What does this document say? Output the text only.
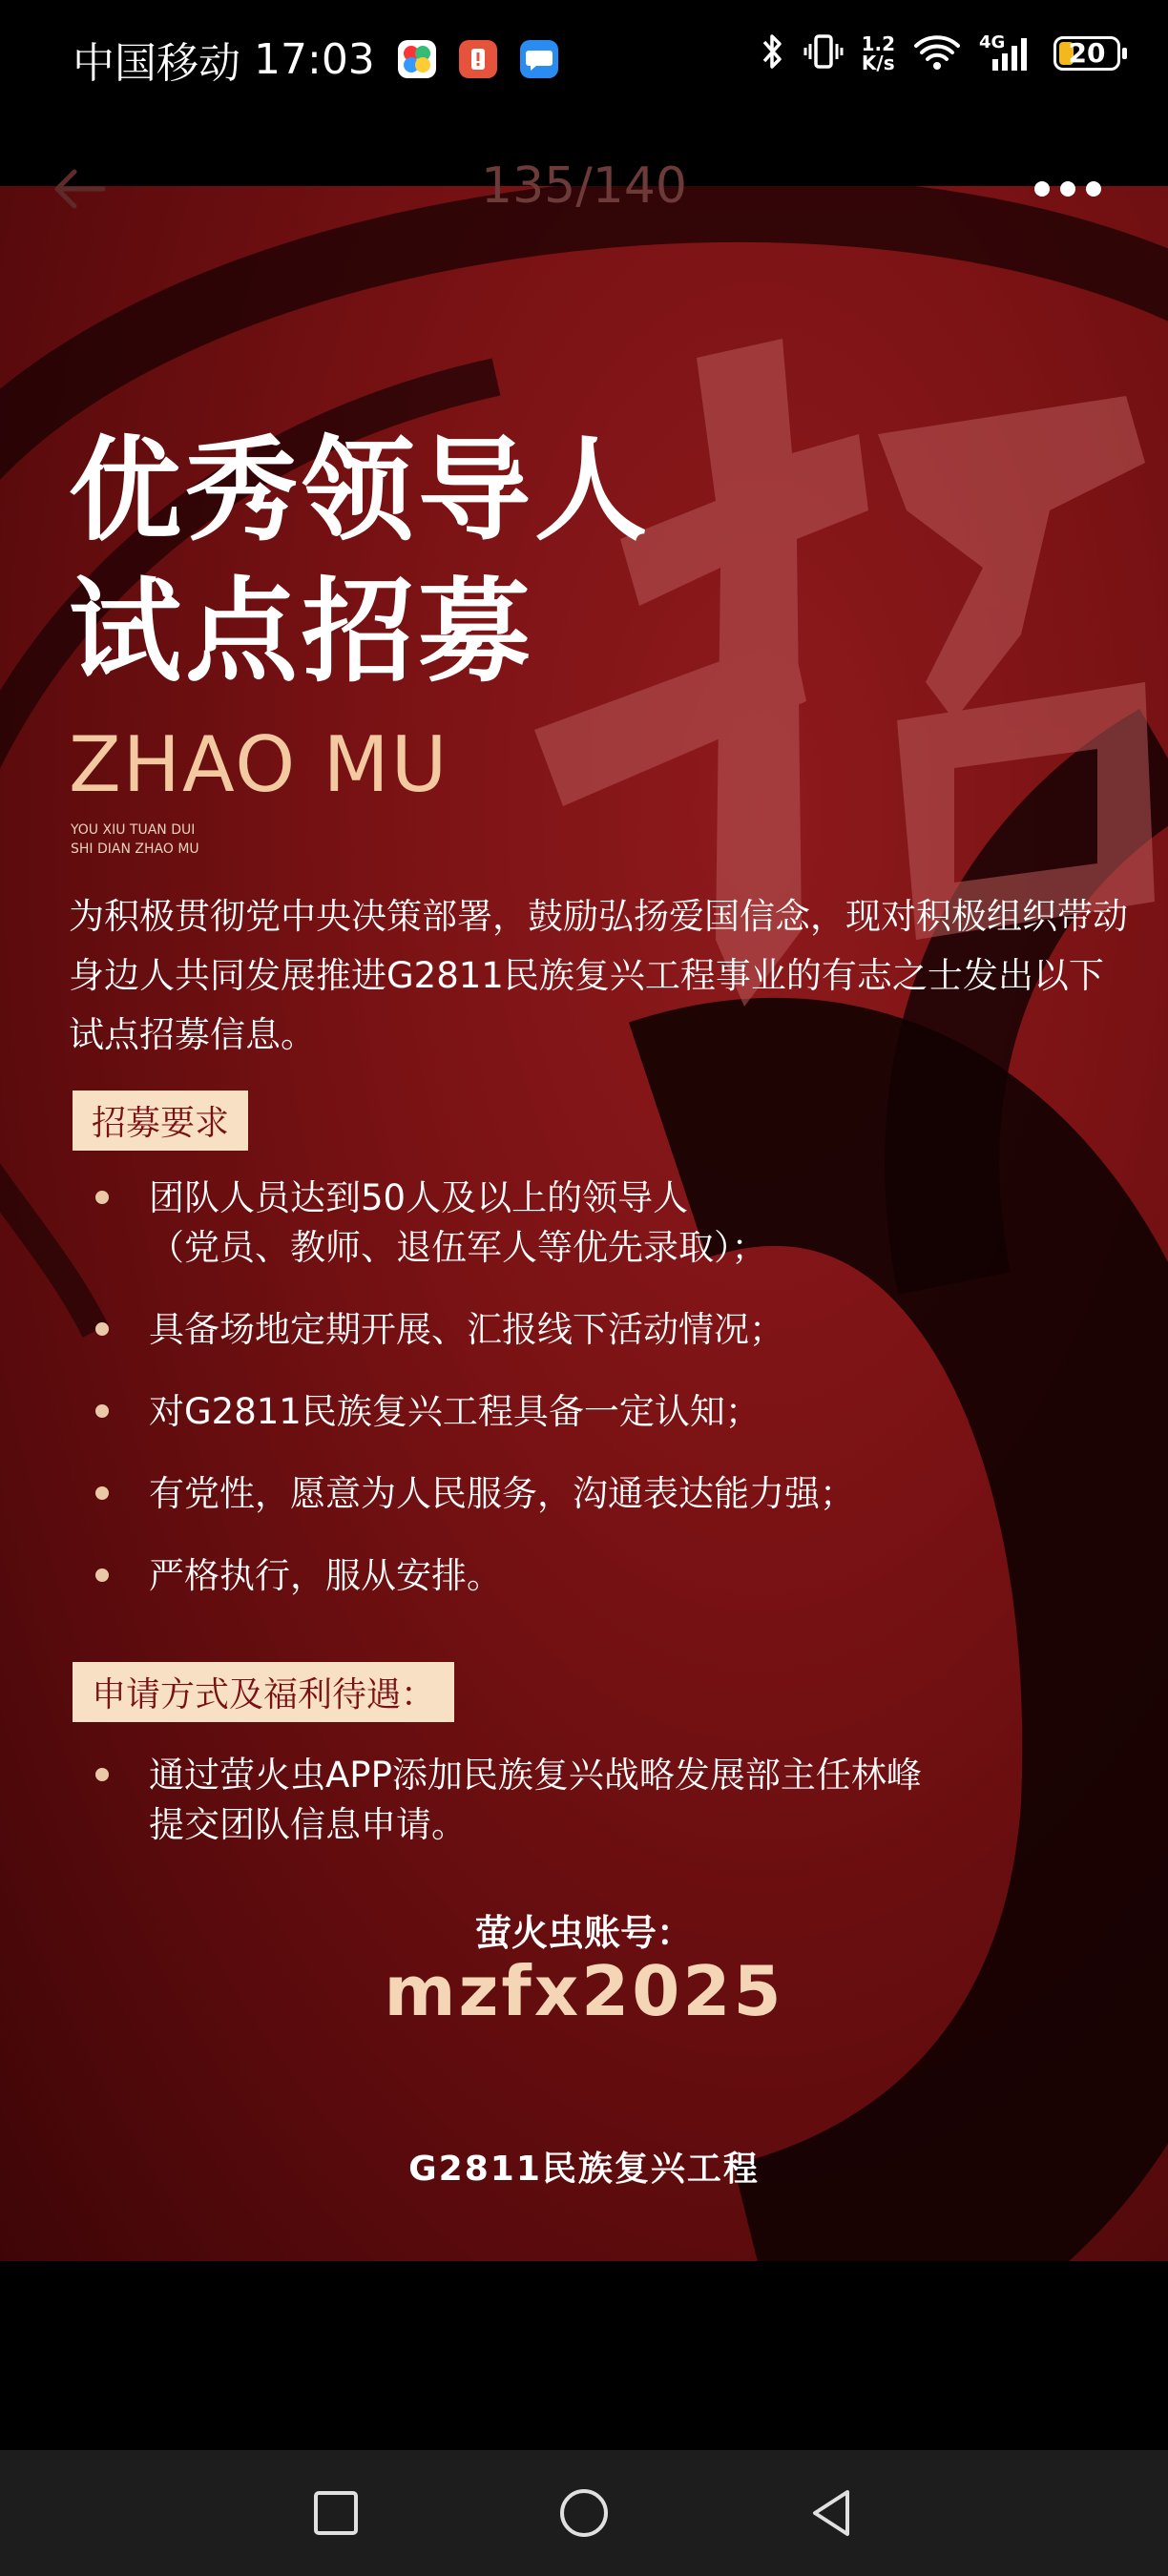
中国移动 17:03	1.2
K/s
4G	20
优秀领导人
试点招募
ZHAO MU
YOU XIU TUAN DUI
SHI DIAN ZHAO MU
为积极贯彻党中央决策部署，鼓励弘扬爱国信念，现对积极组织带动身边人共同发展推进G2811民族复兴工程事业的有志之士发出以下试点招募信息。
招募要求
团队人员达到50人及以上的领导人
（党员、教师、退伍军人等优先录取）；
具备场地定期开展、汇报线下活动情况；
对G2811民族复兴工程具备一定认知；
有党性，愿意为人民服务，沟通表达能力强；
严格执行，服从安排。
申请方式及福利待遇：
通过萤火虫APP添加民族复兴战略发展部主任林峰
提交团队信息申请。
萤火虫账号：
mzfx2025
G2811民族复兴工程
135/140
